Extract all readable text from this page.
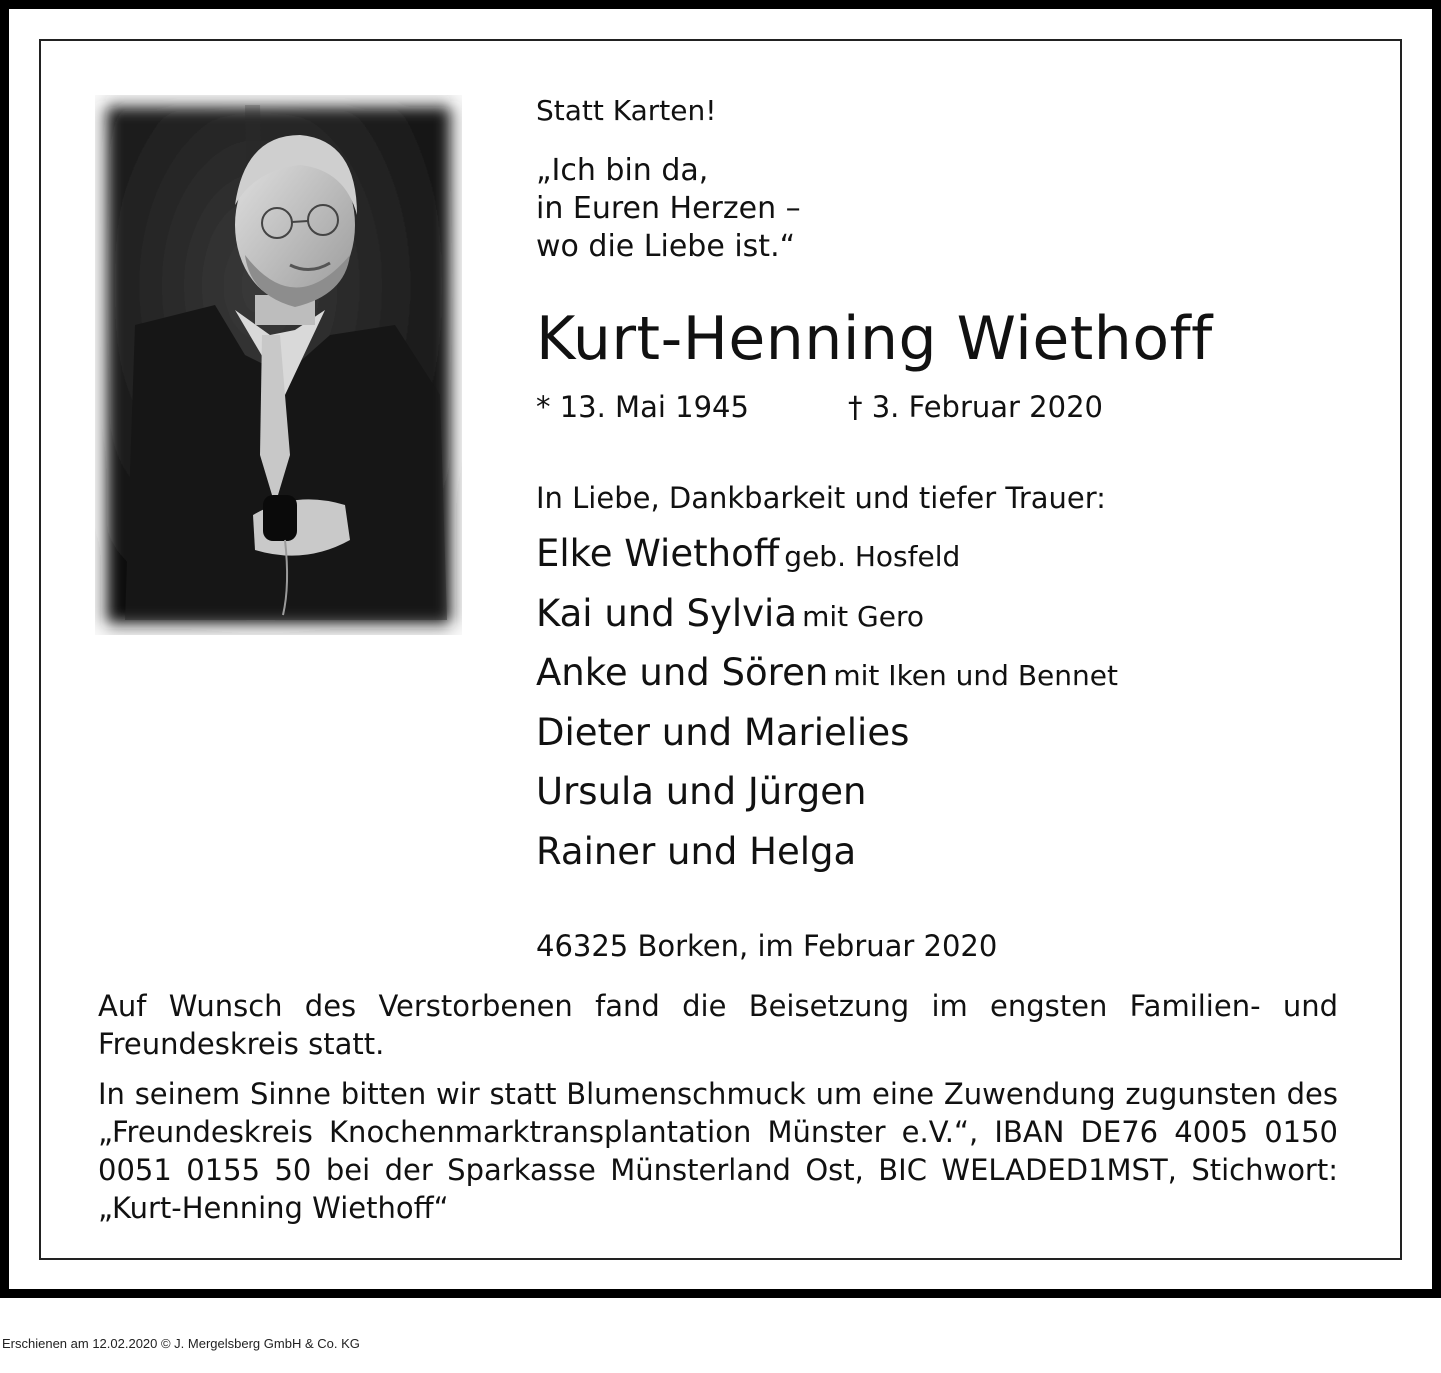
Statt Karten!

„Ich bin da,
in Euren Herzen –
wo die Liebe ist.“

Kurt-Henning Wiethoff

* 13. Mai 1945	† 3. Februar 2020

In Liebe, Dankbarkeit und tiefer Trauer:

Elke Wiethoff geb. Hosfeld
Kai und Sylvia mit Gero
Anke und Sören mit Iken und Bennet
Dieter und Marielies
Ursula und Jürgen
Rainer und Helga

46325 Borken, im Februar 2020

Auf Wunsch des Verstorbenen fand die Beisetzung im engsten Familien- und Freundeskreis statt.

In seinem Sinne bitten wir statt Blumenschmuck um eine Zuwendung zugunsten des „Freundeskreis Knochenmarktransplantation Münster e.V.“, IBAN DE76 4005 0150 0051 0155 50 bei der Sparkasse Münsterland Ost, BIC WELADED1MST, Stichwort: „Kurt-Henning Wiethoff“

Erschienen am 12.02.2020 © J. Mergelsberg GmbH & Co. KG
